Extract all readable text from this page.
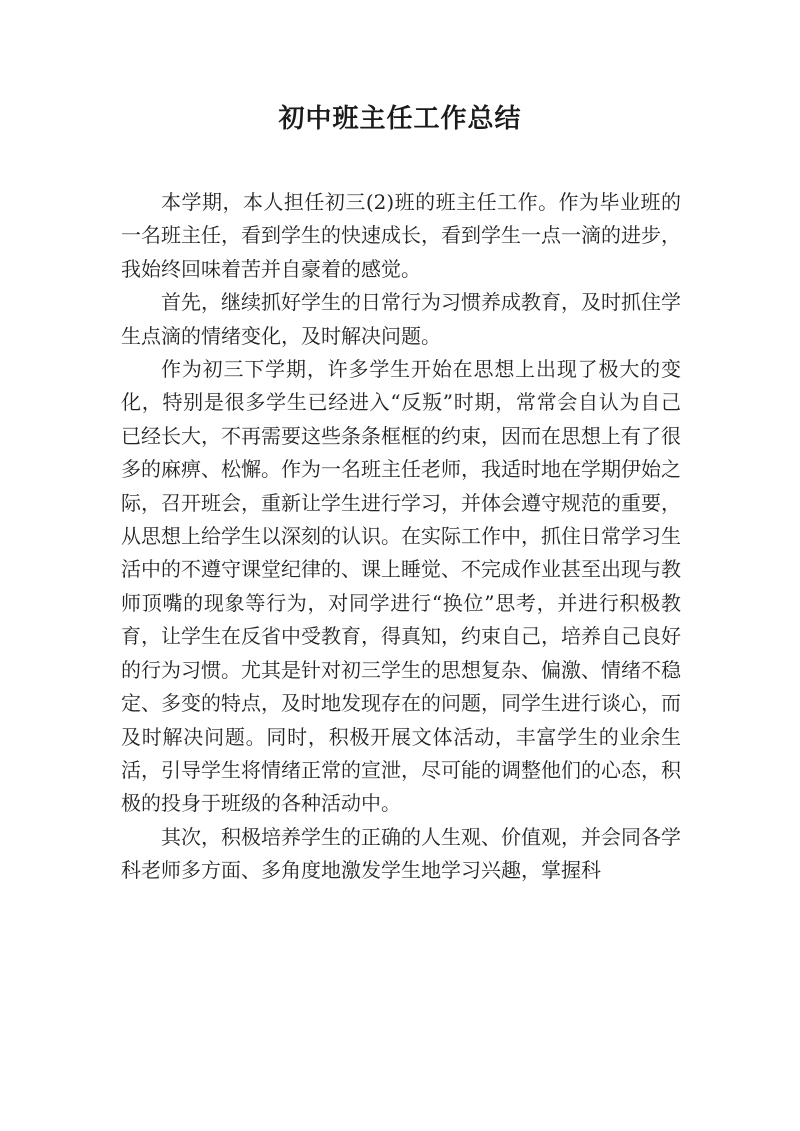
初中班主任工作总结

本学期，本人担任初三(2)班的班主任工作。作为毕业班的一名班主任，看到学生的快速成长，看到学生一点一滴的进步，我始终回味着苦并自豪着的感觉。

首先，继续抓好学生的日常行为习惯养成教育，及时抓住学生点滴的情绪变化，及时解决问题。

作为初三下学期，许多学生开始在思想上出现了极大的变化，特别是很多学生已经进入“反叛”时期，常常会自认为自己已经长大，不再需要这些条条框框的约束，因而在思想上有了很多的麻痹、松懈。作为一名班主任老师，我适时地在学期伊始之际，召开班会，重新让学生进行学习，并体会遵守规范的重要，从思想上给学生以深刻的认识。在实际工作中，抓住日常学习生活中的不遵守课堂纪律的、课上睡觉、不完成作业甚至出现与教师顶嘴的现象等行为，对同学进行“换位”思考，并进行积极教育，让学生在反省中受教育，得真知，约束自己，培养自己良好的行为习惯。尤其是针对初三学生的思想复杂、偏激、情绪不稳定、多变的特点，及时地发现存在的问题，同学生进行谈心，而及时解决问题。同时，积极开展文体活动，丰富学生的业余生活，引导学生将情绪正常的宣泄，尽可能的调整他们的心态，积极的投身于班级的各种活动中。

其次，积极培养学生的正确的人生观、价值观，并会同各学科老师多方面、多角度地激发学生地学习兴趣，掌握科
